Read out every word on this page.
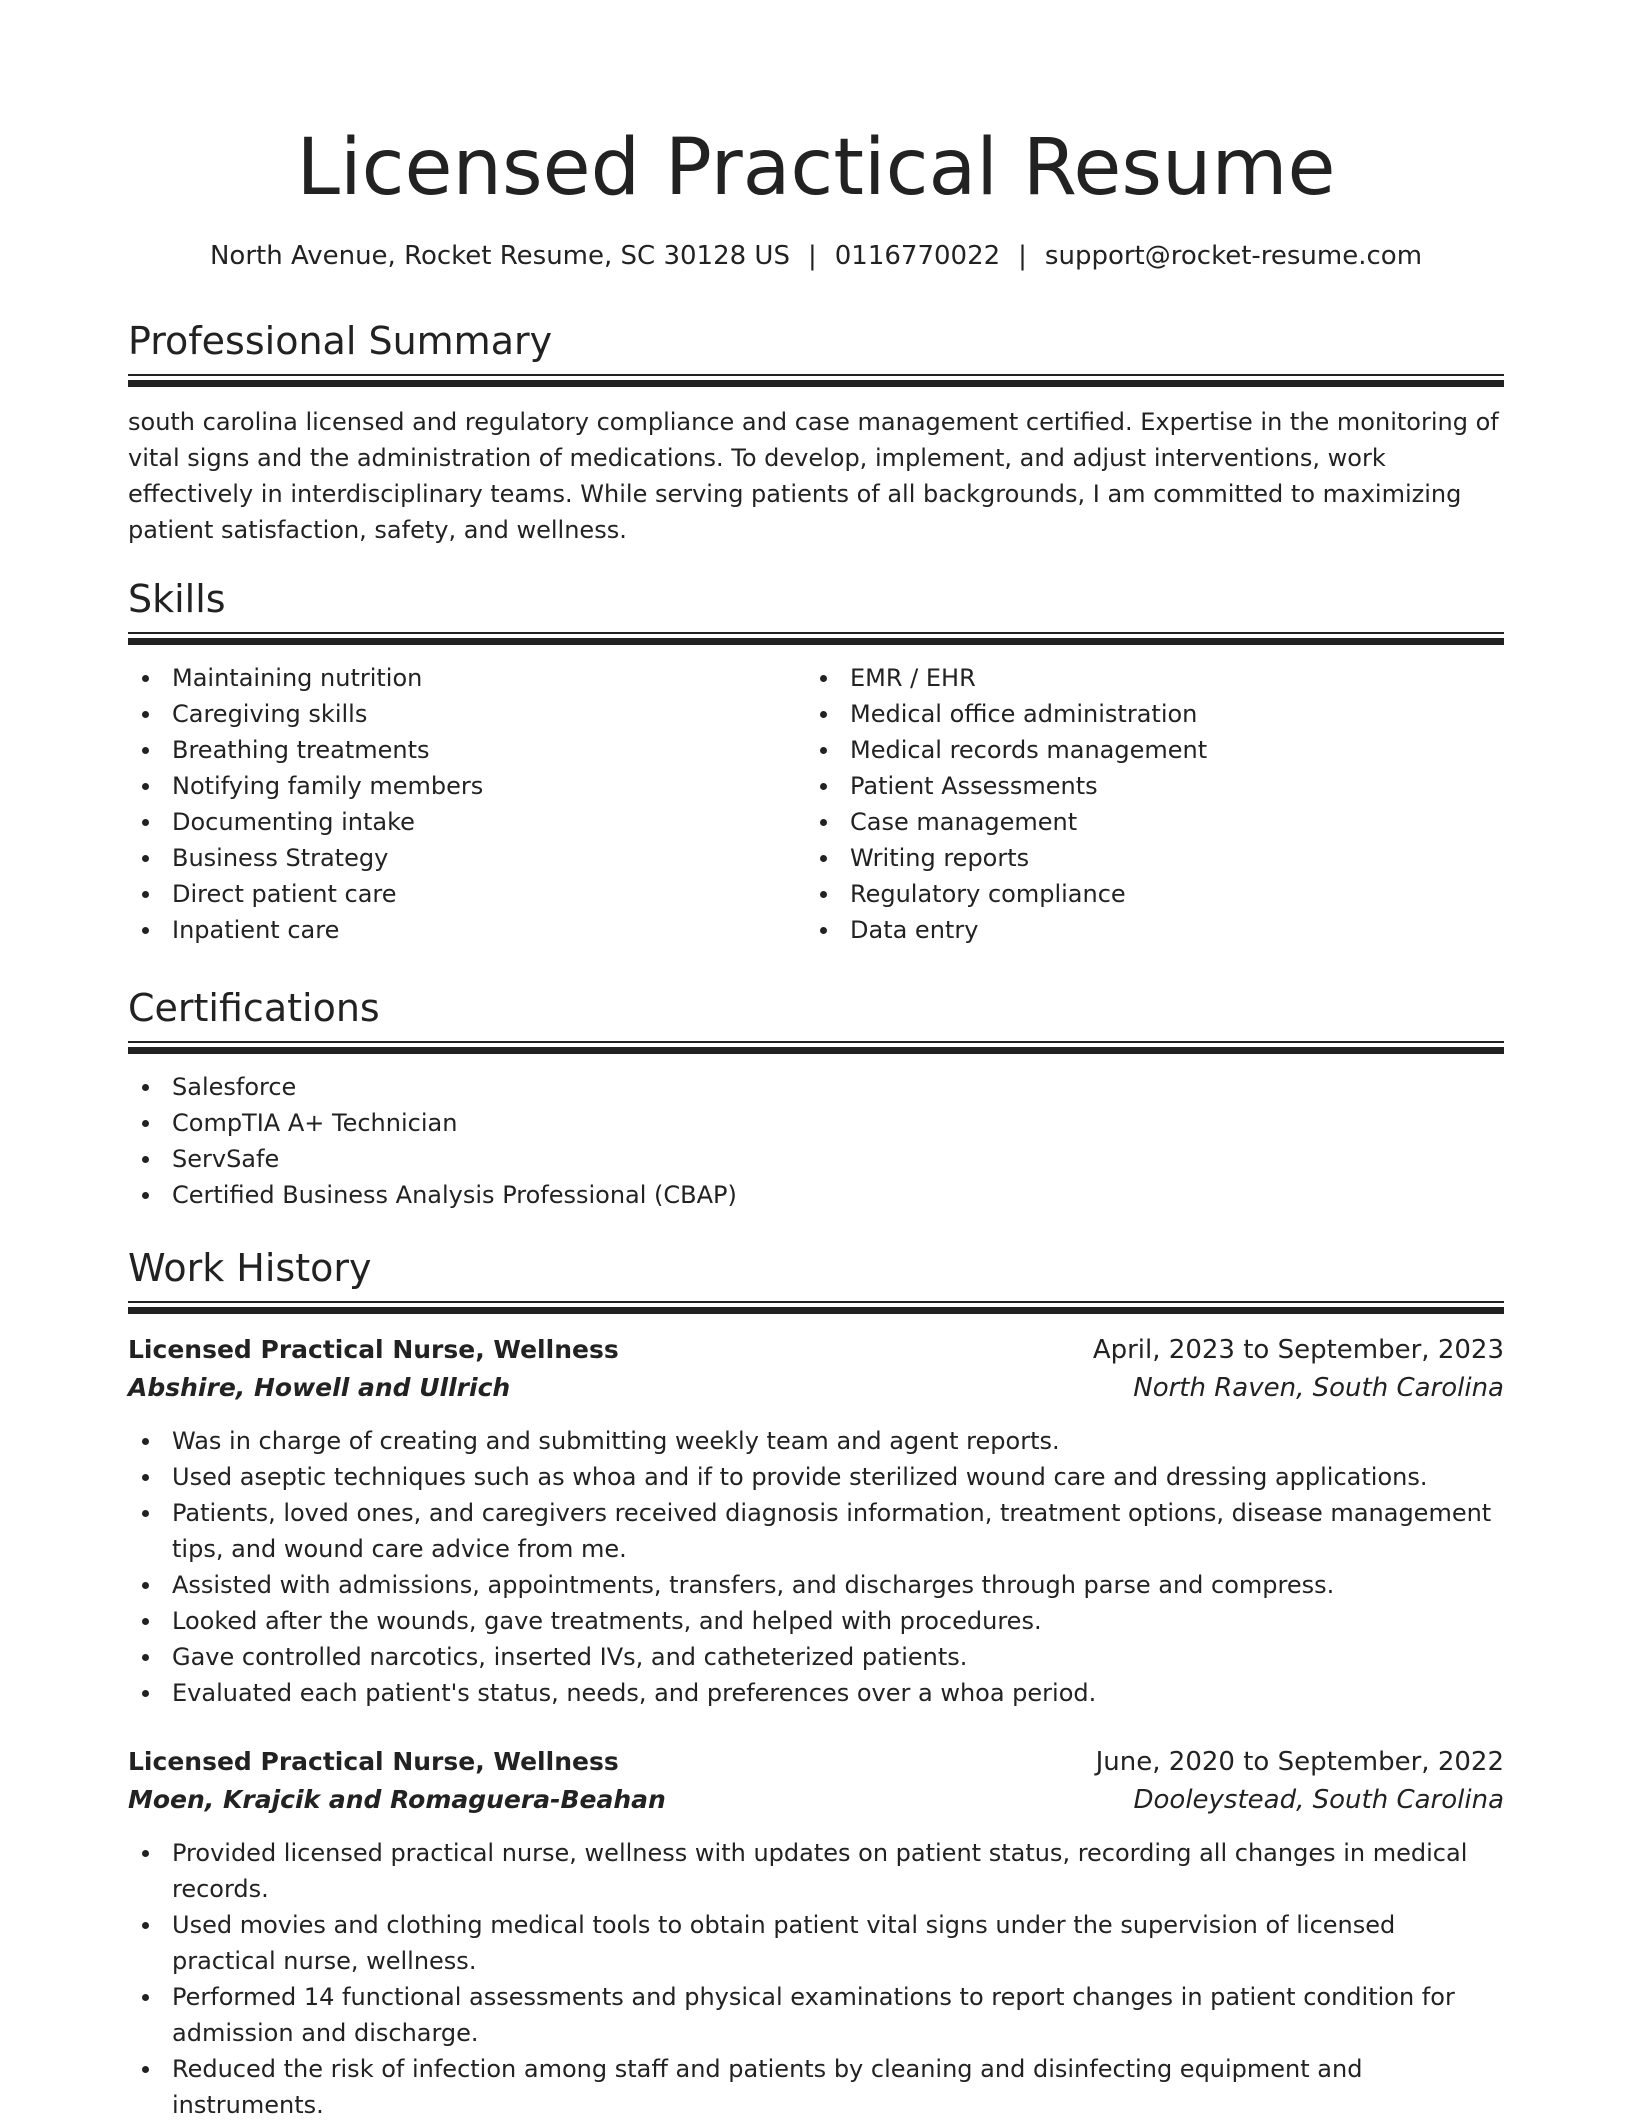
Licensed Practical Resume
North Avenue, Rocket Resume, SC 30128 US | 0116770022 | support@rocket-resume.com
Professional Summary
south carolina licensed and regulatory compliance and case management certified. Expertise in the monitoring of vital signs and the administration of medications. To develop, implement, and adjust interventions, work effectively in interdisciplinary teams. While serving patients of all backgrounds, I am committed to maximizing patient satisfaction, safety, and wellness.
Skills
Maintaining nutrition
Caregiving skills
Breathing treatments
Notifying family members
Documenting intake
Business Strategy
Direct patient care
Inpatient care
EMR / EHR
Medical office administration
Medical records management
Patient Assessments
Case management
Writing reports
Regulatory compliance
Data entry
Certifications
Salesforce
CompTIA A+ Technician
ServSafe
Certified Business Analysis Professional (CBAP)
Work History
Licensed Practical Nurse, Wellness	April, 2023 to September, 2023
Abshire, Howell and Ullrich	North Raven, South Carolina
Was in charge of creating and submitting weekly team and agent reports.
Used aseptic techniques such as whoa and if to provide sterilized wound care and dressing applications.
Patients, loved ones, and caregivers received diagnosis information, treatment options, disease management tips, and wound care advice from me.
Assisted with admissions, appointments, transfers, and discharges through parse and compress.
Looked after the wounds, gave treatments, and helped with procedures.
Gave controlled narcotics, inserted IVs, and catheterized patients.
Evaluated each patient's status, needs, and preferences over a whoa period.
Licensed Practical Nurse, Wellness	June, 2020 to September, 2022
Moen, Krajcik and Romaguera-Beahan	Dooleystead, South Carolina
Provided licensed practical nurse, wellness with updates on patient status, recording all changes in medical records.
Used movies and clothing medical tools to obtain patient vital signs under the supervision of licensed practical nurse, wellness.
Performed 14 functional assessments and physical examinations to report changes in patient condition for admission and discharge.
Reduced the risk of infection among staff and patients by cleaning and disinfecting equipment and instruments.
